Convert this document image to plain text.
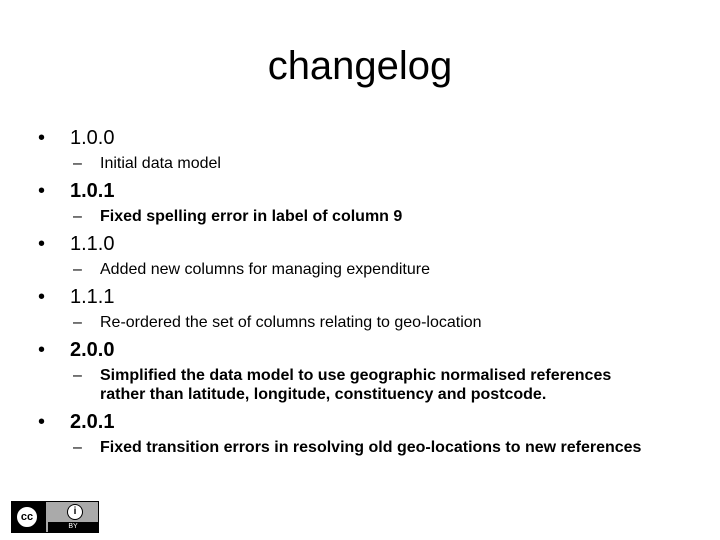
changelog
•	1.0.0
–	Initial data model
•	1.0.1
–	Fixed spelling error in label of column 9
•	1.1.0
–	Added new columns for managing expenditure
•	1.1.1
–	Re-ordered the set of columns relating to geo-location
•	2.0.0
–	Simplified the data model to use geographic normalised references rather than latitude, longitude, constituency and postcode.
•	2.0.1
–	Fixed transition errors in resolving old geo-locations to new references
cc	i
BY
